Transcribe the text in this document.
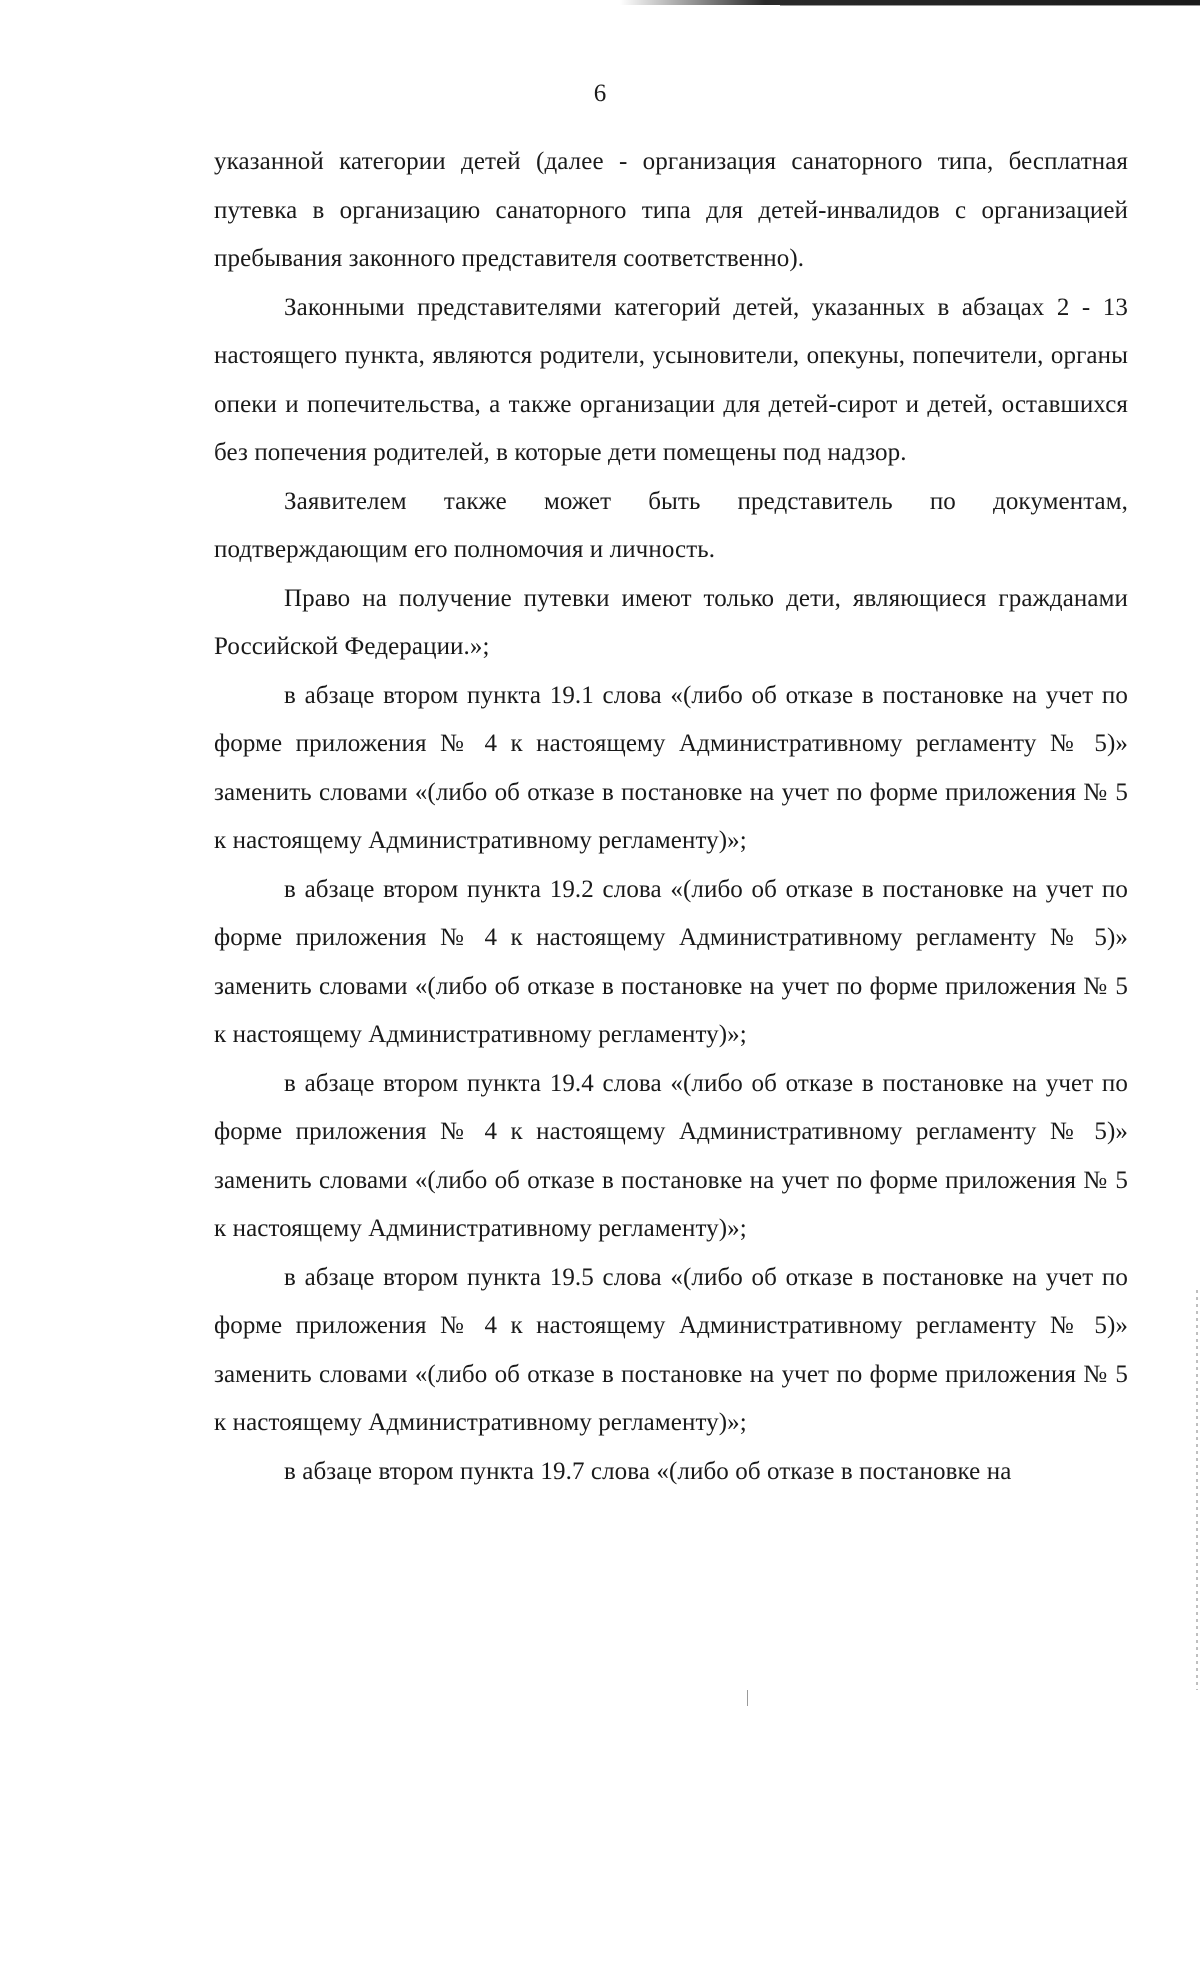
6

указанной категории детей (далее - организация санаторного типа, бесплатная путевка в организацию санаторного типа для детей-инвалидов с организацией пребывания законного представителя соответственно).

Законными представителями категорий детей, указанных в абзацах 2 - 13 настоящего пункта, являются родители, усыновители, опекуны, попечители, органы опеки и попечительства, а также организации для детей-сирот и детей, оставшихся без попечения родителей, в которые дети помещены под надзор.

Заявителем также может быть представитель по документам, подтверждающим его полномочия и личность.

Право на получение путевки имеют только дети, являющиеся гражданами Российской Федерации.»;

в абзаце втором пункта 19.1 слова «(либо об отказе в постановке на учет по форме приложения № 4 к настоящему Административному регламенту № 5)» заменить словами «(либо об отказе в постановке на учет по форме приложения № 5 к настоящему Административному регламенту)»;

в абзаце втором пункта 19.2 слова «(либо об отказе в постановке на учет по форме приложения № 4 к настоящему Административному регламенту № 5)» заменить словами «(либо об отказе в постановке на учет по форме приложения № 5 к настоящему Административному регламенту)»;

в абзаце втором пункта 19.4 слова «(либо об отказе в постановке на учет по форме приложения № 4 к настоящему Административному регламенту № 5)» заменить словами «(либо об отказе в постановке на учет по форме приложения № 5 к настоящему Административному регламенту)»;

в абзаце втором пункта 19.5 слова «(либо об отказе в постановке на учет по форме приложения № 4 к настоящему Административному регламенту № 5)» заменить словами «(либо об отказе в постановке на учет по форме приложения № 5 к настоящему Административному регламенту)»;

в абзаце втором пункта 19.7 слова «(либо об отказе в постановке на
